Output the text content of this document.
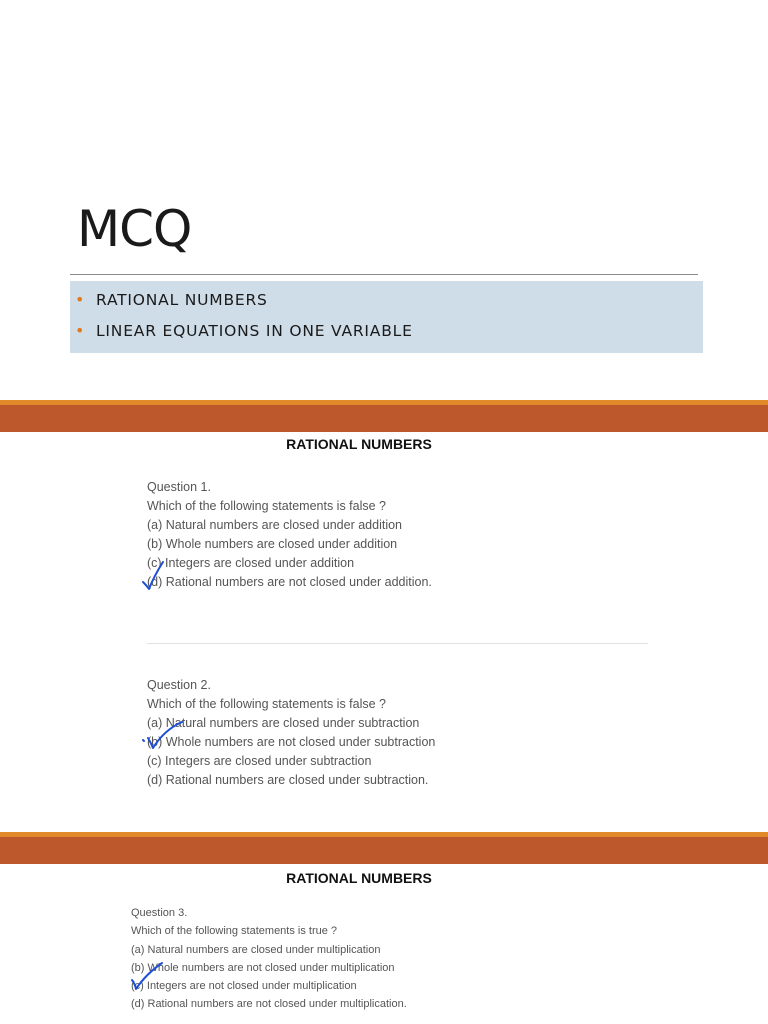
MCQ
• RATIONAL NUMBERS
• LINEAR EQUATIONS IN ONE VARIABLE
RATIONAL NUMBERS
Question 1.
Which of the following statements is false ?
(a) Natural numbers are closed under addition
(b) Whole numbers are closed under addition
(c) Integers are closed under addition
(d) Rational numbers are not closed under addition.
Question 2.
Which of the following statements is false ?
(a) Natural numbers are closed under subtraction
(b) Whole numbers are not closed under subtraction
(c) Integers are closed under subtraction
(d) Rational numbers are closed under subtraction.
RATIONAL NUMBERS
Question 3.
Which of the following statements is true ?
(a) Natural numbers are closed under multiplication
(b) Whole numbers are not closed under multiplication
(c) Integers are not closed under multiplication
(d) Rational numbers are not closed under multiplication.
